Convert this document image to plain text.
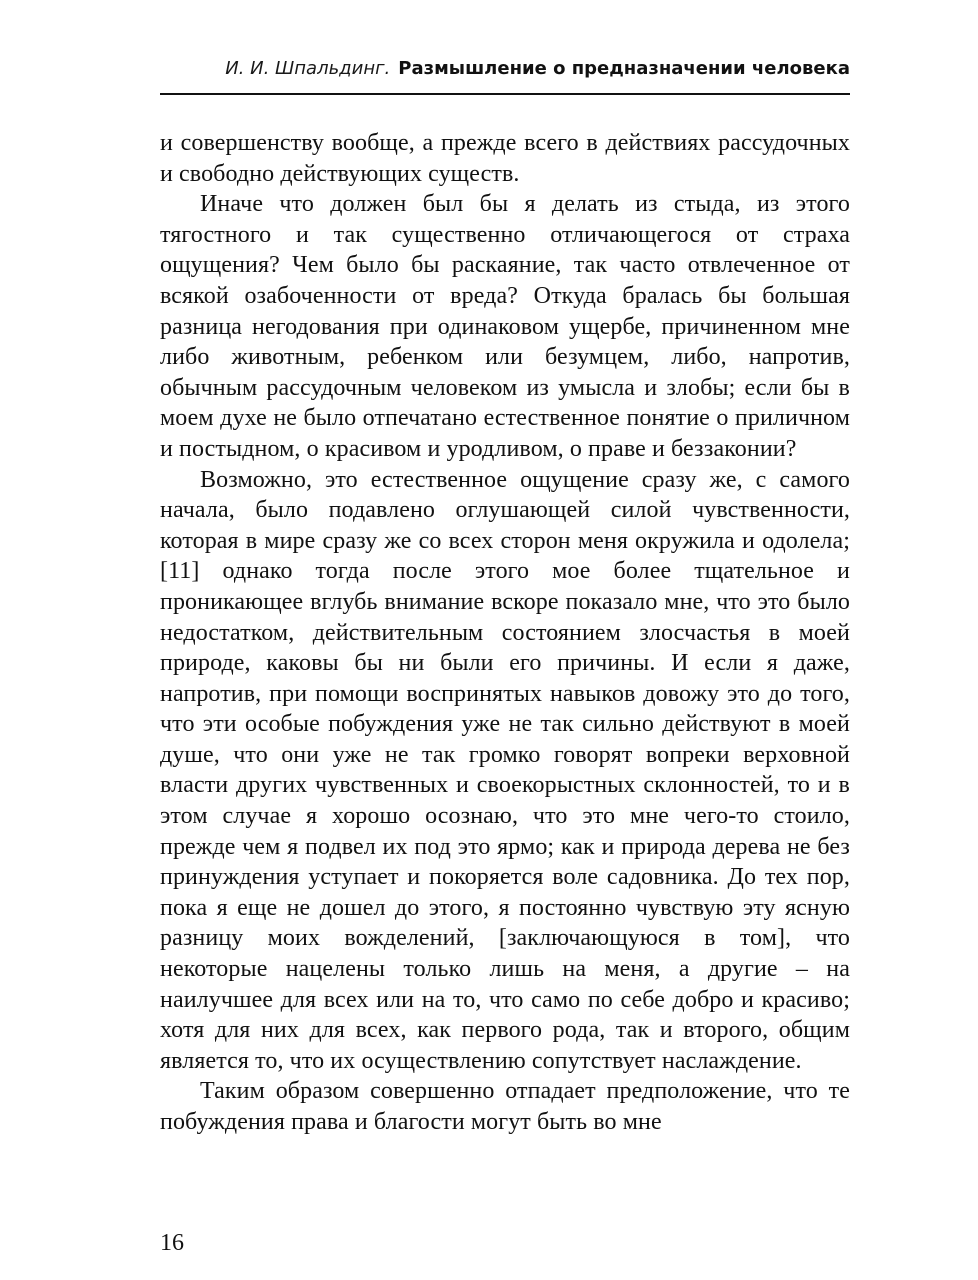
И. И. Шпальдинг. Размышление о предназначении человека

и совершенству вообще, а прежде всего в действиях рассудочных и свободно действующих существ.

Иначе что должен был бы я делать из стыда, из этого тягостного и так существенно отличающегося от страха ощущения? Чем было бы раскаяние, так часто отвлеченное от всякой озабоченности от вреда? Откуда бралась бы большая разница негодования при одинаковом ущербе, причиненном мне либо животным, ребенком или безумцем, либо, напротив, обычным рассудочным человеком из умысла и злобы; если бы в моем духе не было отпечатано естественное понятие о приличном и постыдном, о красивом и уродливом, о праве и беззаконии?

Возможно, это естественное ощущение сразу же, с самого начала, было подавлено оглушающей силой чувственности, которая в мире сразу же со всех сторон меня окружила и одолела; [11] однако тогда после этого мое более тщательное и проникающее вглубь внимание вскоре показало мне, что это было недостатком, действительным состоянием злосчастья в моей природе, каковы бы ни были его причины. И если я даже, напротив, при помощи воспринятых навыков довожу это до того, что эти особые побуждения уже не так сильно действуют в моей душе, что они уже не так громко говорят вопреки верховной власти других чувственных и своекорыстных склонностей, то и в этом случае я хорошо осознаю, что это мне чего-то стоило, прежде чем я подвел их под это ярмо; как и природа дерева не без принуждения уступает и покоряется воле садовника. До тех пор, пока я еще не дошел до этого, я постоянно чувствую эту ясную разницу моих вожделений, [заключающуюся в том], что некоторые нацелены только лишь на меня, а другие – на наилучшее для всех или на то, что само по себе добро и красиво; хотя для них для всех, как первого рода, так и второго, общим является то, что их осуществлению сопутствует наслаждение.

Таким образом совершенно отпадает предположение, что те побуждения права и благости могут быть во мне

16
